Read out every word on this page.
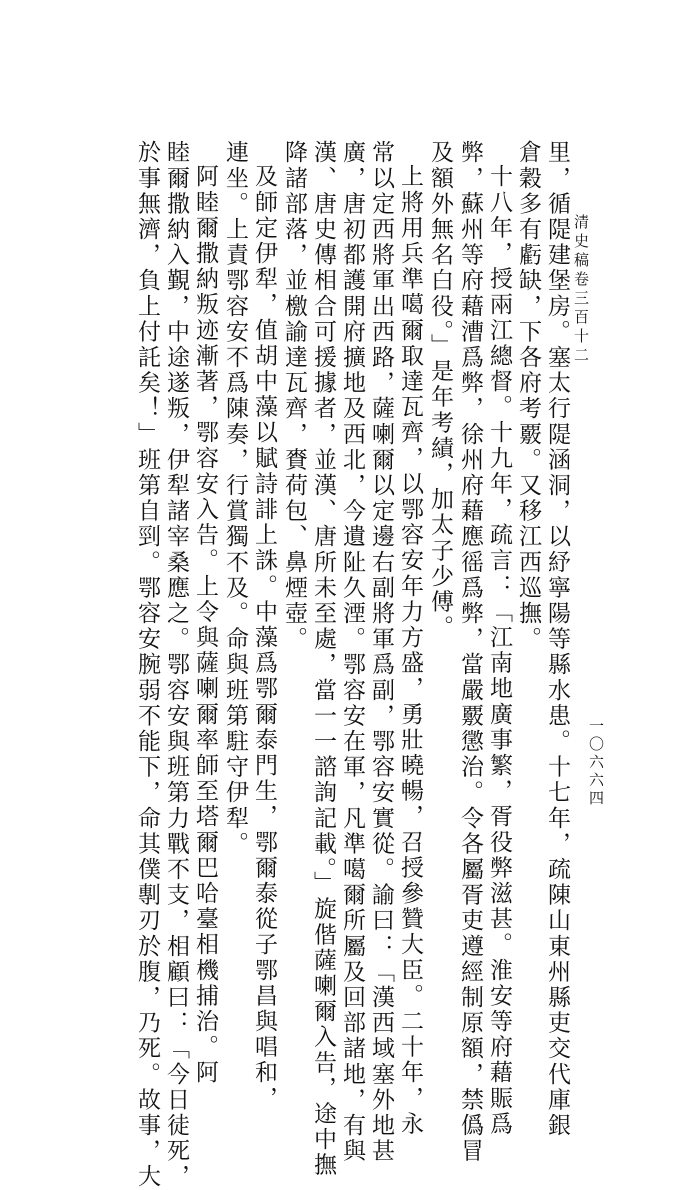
清史稿卷三百十二
一〇六六四
里，循隄建堡房。塞太行隄涵洞，以紓寧陽等縣水患。十七年，疏陳山東州縣吏交代庫銀
倉穀多有虧缺，下各府考覈。又移江西巡撫。
十八年，授兩江總督。十九年，疏言：「江南地廣事繁，胥役弊滋甚。淮安等府藉賑爲
弊，蘇州等府藉漕爲弊，徐州府藉應徭爲弊，當嚴覈懲治。令各屬胥吏遵經制原額，禁僞冒
及額外無名白役。」是年考績，加太子少傅。
上將用兵準噶爾取達瓦齊，以鄂容安年力方盛，勇壯曉暢，召授參贊大臣。二十年，永
常以定西將軍出西路，薩喇爾以定邊右副將軍爲副，鄂容安實從。諭曰：「漢西域塞外地甚
廣，唐初都護開府擴地及西北，今遺阯久湮。鄂容安在軍，凡準噶爾所屬及回部諸地，有與
漢、唐史傳相合可援據者，並漢、唐所未至處，當一一諮詢記載。」旋偕薩喇爾入告，途中撫
降諸部落，並檄諭達瓦齊，賚荷包、鼻煙壺。
及師定伊犁，值胡中藻以賦詩誹上誅。中藻爲鄂爾泰門生，鄂爾泰從子鄂昌與唱和，
連坐。上責鄂容安不爲陳奏，行賞獨不及。命與班第駐守伊犁。
阿睦爾撒納叛迹漸著，鄂容安入告。上令與薩喇爾率師至塔爾巴哈臺相機捕治。阿
睦爾撒納入覲，中途遂叛，伊犁諸宰桑應之。鄂容安與班第力戰不支，相顧曰：「今日徒死，
於事無濟，負上付託矣！」班第自剄。鄂容安腕弱不能下，命其僕剸刃於腹，乃死。故事，大
